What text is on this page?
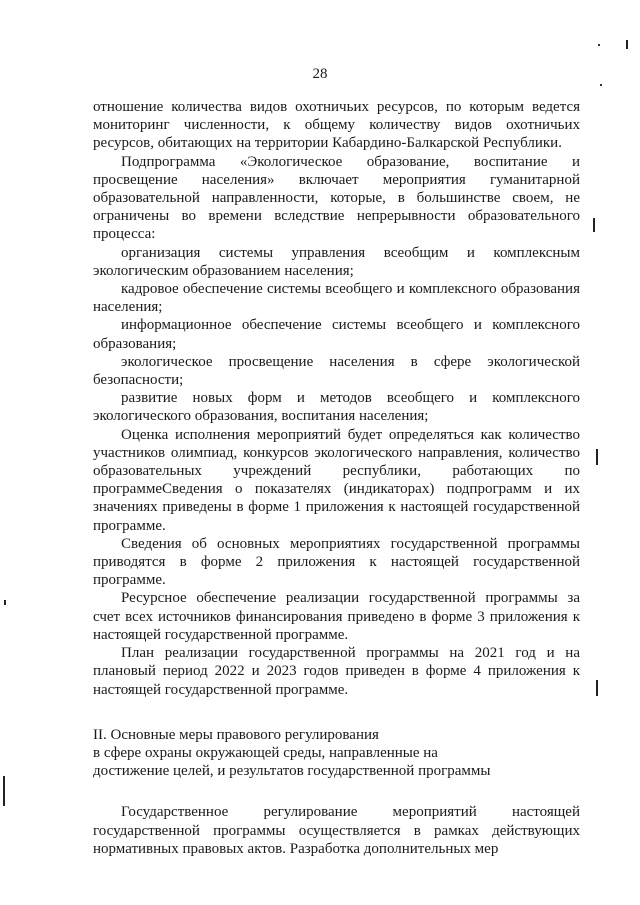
28

отношение количества видов охотничьих ресурсов, по которым ведется мониторинг численности, к общему количеству видов охотничьих ресурсов, обитающих на территории Кабардино-Балкарской Республики.

Подпрограмма «Экологическое образование, воспитание и просвещение населения» включает мероприятия гуманитарной образовательной направленности, которые, в большинстве своем, не ограничены во времени вследствие непрерывности образовательного процесса:

организация системы управления всеобщим и комплексным экологическим образованием населения;

кадровое обеспечение системы всеобщего и комплексного образования населения;

информационное обеспечение системы всеобщего и комплексного образования;

экологическое просвещение населения в сфере экологической безопасности;

развитие новых форм и методов всеобщего и комплексного экологического образования, воспитания населения;

Оценка исполнения мероприятий будет определяться как количество участников олимпиад, конкурсов экологического направления, количество образовательных учреждений республики, работающих по программеСведения о показателях (индикаторах) подпрограмм и их значениях приведены в форме 1 приложения к настоящей государственной программе.

Сведения об основных мероприятиях государственной программы приводятся в форме 2 приложения к настоящей государственной программе.

Ресурсное обеспечение реализации государственной программы за счет всех источников финансирования приведено в форме 3 приложения к настоящей государственной программе.

План реализации государственной программы на 2021 год и на плановый период 2022 и 2023 годов приведен в форме 4 приложения к настоящей государственной программе.

II. Основные меры правового регулирования

в сфере охраны окружающей среды, направленные на

достижение целей, и результатов государственной программы

Государственное регулирование мероприятий настоящей государственной программы осуществляется в рамках действующих нормативных правовых актов. Разработка дополнительных мер
